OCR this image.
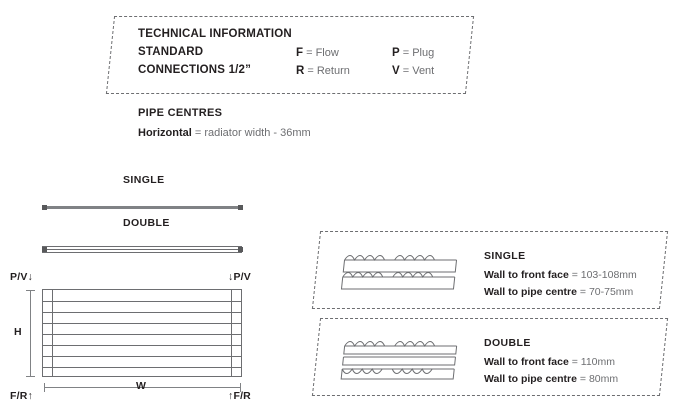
TECHNICAL INFORMATION
STANDARD
CONNECTIONS 1/2”
F = Flow
R = Return
P = Plug
V = Vent
PIPE CENTRES
Horizontal = radiator width - 36mm
SINGLE
DOUBLE
P/V↓	↓P/V
H
W
F/R↑	↑F/R
SINGLE
Wall to front face = 103-108mm
Wall to pipe centre = 70-75mm
DOUBLE
Wall to front face = 110mm
Wall to pipe centre = 80mm
